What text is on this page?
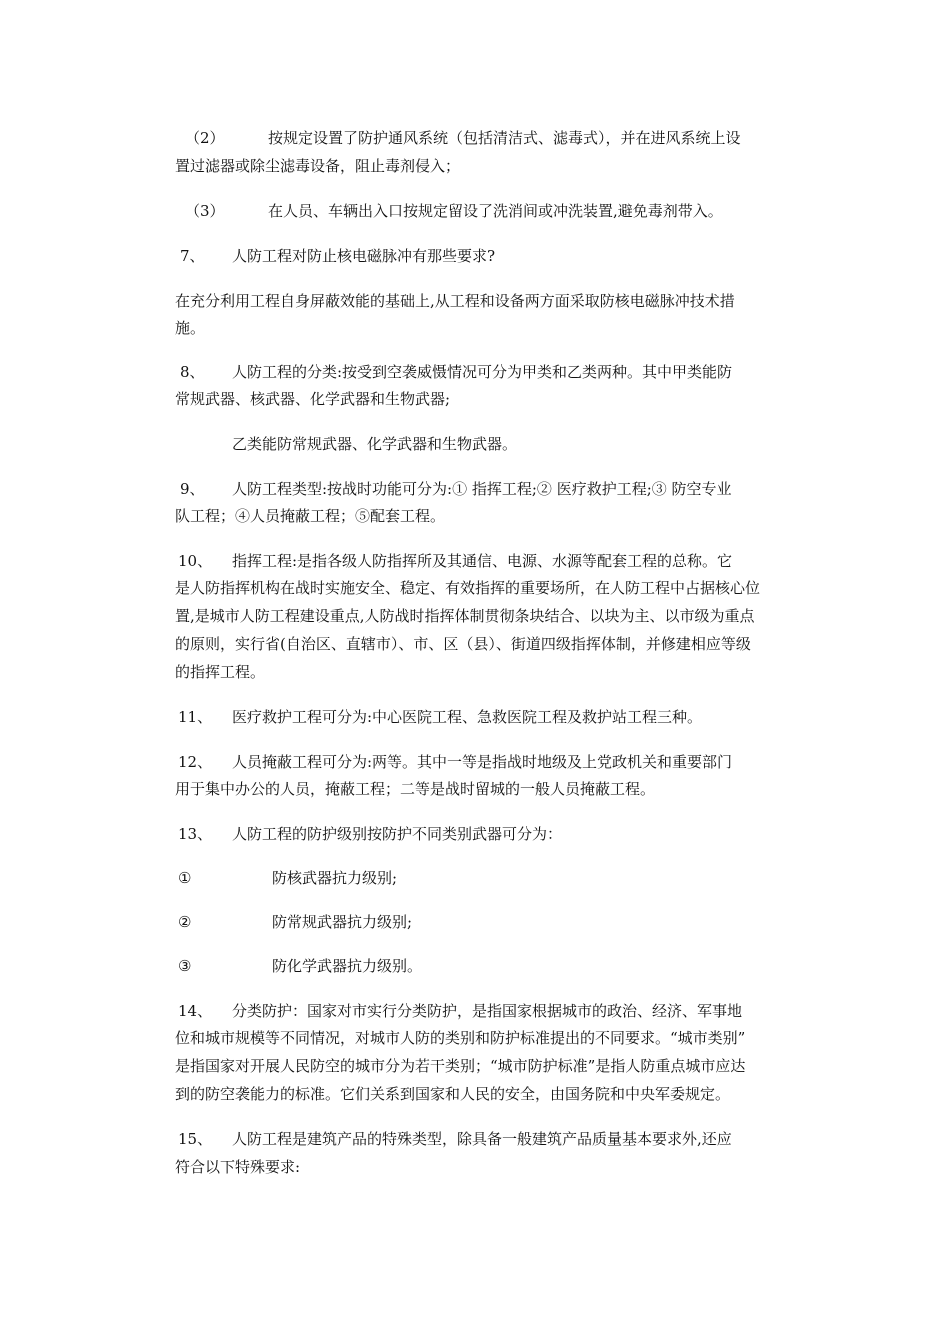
（2）	按规定设置了防护通风系统（包括清洁式、滤毒式），并在进风系统上设
置过滤器或除尘滤毒设备，阻止毒剂侵入；
（3）	在人员、车辆出入口按规定留设了洗消间或冲洗装置,避免毒剂带入。
7、 人防工程对防止核电磁脉冲有那些要求?
在充分利用工程自身屏蔽效能的基础上,从工程和设备两方面采取防核电磁脉冲技术措
施。
8、 人防工程的分类:按受到空袭威慑情况可分为甲类和乙类两种。其中甲类能防
常规武器、核武器、化学武器和生物武器;
乙类能防常规武器、化学武器和生物武器。
9、 人防工程类型:按战时功能可分为:① 指挥工程;② 医疗救护工程;③ 防空专业
队工程；④人员掩蔽工程；⑤配套工程。
10、 指挥工程:是指各级人防指挥所及其通信、电源、水源等配套工程的总称。它
是人防指挥机构在战时实施安全、稳定、有效指挥的重要场所，在人防工程中占据核心位
置,是城市人防工程建设重点,人防战时指挥体制贯彻条块结合、以块为主、以市级为重点
的原则，实行省(自治区、直辖市）、市、区（县）、街道四级指挥体制，并修建相应等级
的指挥工程。
11、 医疗救护工程可分为:中心医院工程、急救医院工程及救护站工程三种。
12、 人员掩蔽工程可分为:两等。其中一等是指战时地级及上党政机关和重要部门
用于集中办公的人员，掩蔽工程；二等是战时留城的一般人员掩蔽工程。
13、 人防工程的防护级别按防护不同类别武器可分为：
①	防核武器抗力级别;
②	防常规武器抗力级别;
③	防化学武器抗力级别。
14、 分类防护：国家对市实行分类防护，是指国家根据城市的政治、经济、军事地
位和城市规模等不同情况，对城市人防的类别和防护标准提出的不同要求。“城市类别”
是指国家对开展人民防空的城市分为若干类别；“城市防护标准”是指人防重点城市应达
到的防空袭能力的标准。它们关系到国家和人民的安全，由国务院和中央军委规定。
15、 人防工程是建筑产品的特殊类型，除具备一般建筑产品质量基本要求外,还应
符合以下特殊要求:
